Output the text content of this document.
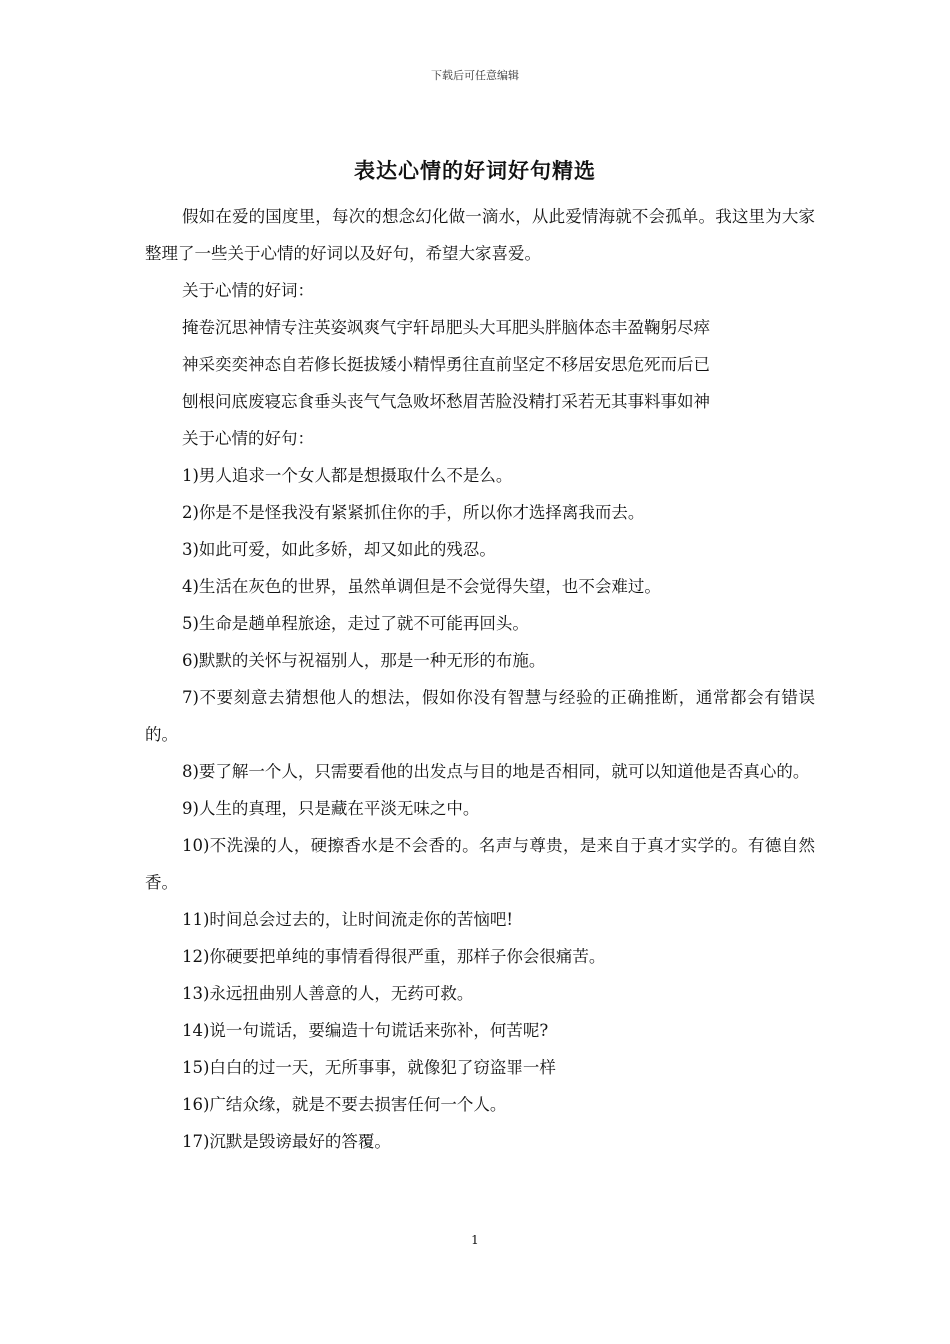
下载后可任意编辑
表达心情的好词好句精选

假如在爱的国度里，每次的想念幻化做一滴水，从此爱情海就不会孤单。我这里为大家整理了一些关于心情的好词以及好句，希望大家喜爱。

关于心情的好词：

掩卷沉思神情专注英姿飒爽气宇轩昂肥头大耳肥头胖脑体态丰盈鞠躬尽瘁

神采奕奕神态自若修长挺拔矮小精悍勇往直前坚定不移居安思危死而后已

刨根问底废寝忘食垂头丧气气急败坏愁眉苦脸没精打采若无其事料事如神

关于心情的好句：

1)男人追求一个女人都是想摄取什么不是么。

2)你是不是怪我没有紧紧抓住你的手，所以你才选择离我而去。

3)如此可爱，如此多娇，却又如此的残忍。

4)生活在灰色的世界，虽然单调但是不会觉得失望，也不会难过。

5)生命是趟单程旅途，走过了就不可能再回头。

6)默默的关怀与祝福别人，那是一种无形的布施。

7)不要刻意去猜想他人的想法，假如你没有智慧与经验的正确推断，通常都会有错误的。

8)要了解一个人，只需要看他的出发点与目的地是否相同，就可以知道他是否真心的。

9)人生的真理，只是藏在平淡无味之中。

10)不洗澡的人，硬擦香水是不会香的。名声与尊贵，是来自于真才实学的。有德自然香。

11)时间总会过去的，让时间流走你的苦恼吧!

12)你硬要把单纯的事情看得很严重，那样子你会很痛苦。

13)永远扭曲别人善意的人，无药可救。

14)说一句谎话，要编造十句谎话来弥补，何苦呢?

15)白白的过一天，无所事事，就像犯了窃盗罪一样

16)广结众缘，就是不要去损害任何一个人。

17)沉默是毁谤最好的答覆。

1
